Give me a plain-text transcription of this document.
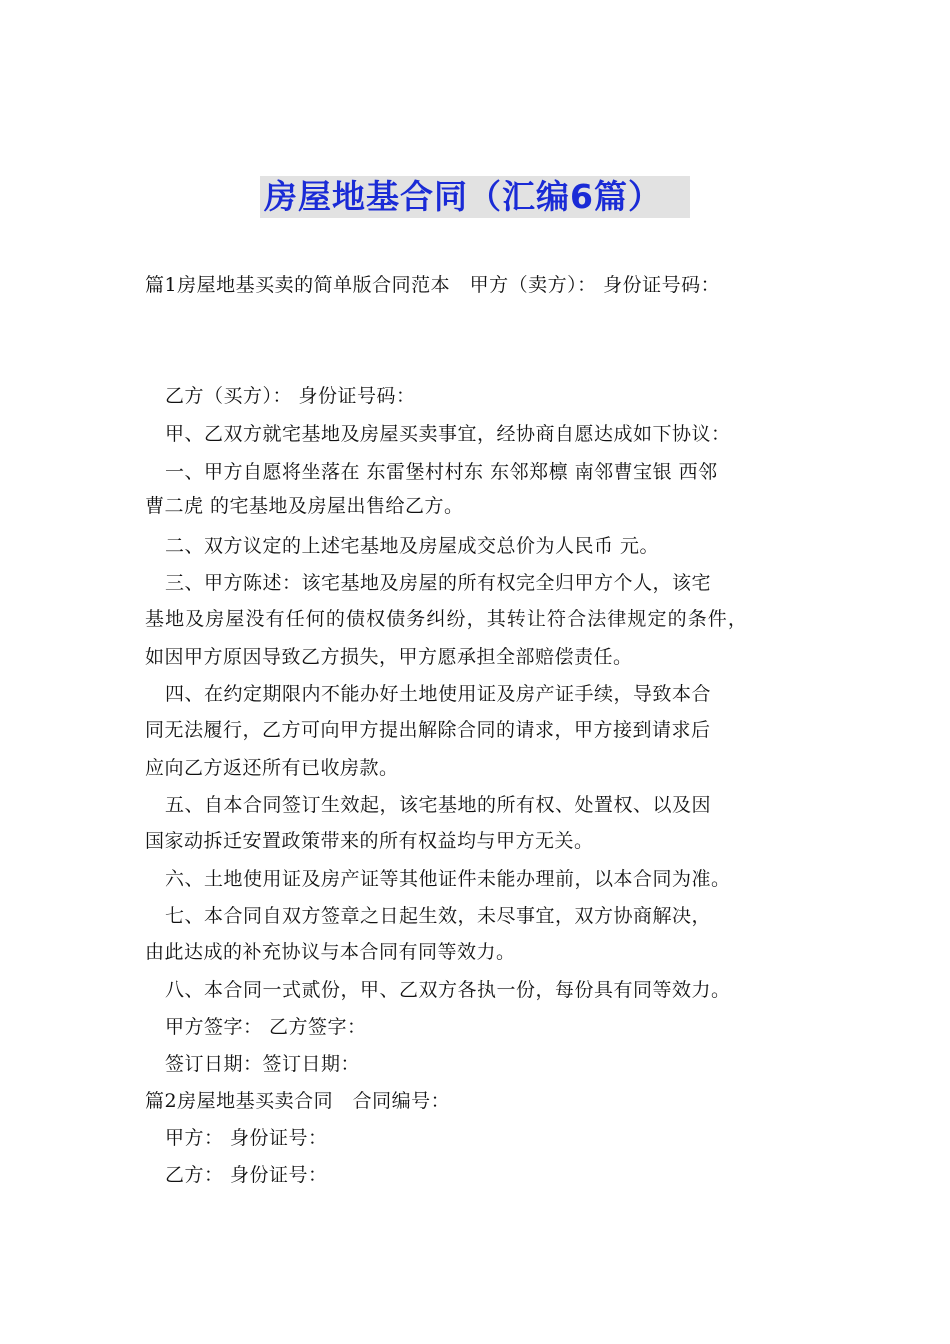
房屋地基合同（汇编6篇）
篇1房屋地基买卖的简单版合同范本　甲方（卖方）： 身份证号码：
乙方（买方）： 身份证号码：
甲、乙双方就宅基地及房屋买卖事宜，经协商自愿达成如下协议：
一、甲方自愿将坐落在 东雷堡村村东 东邻郑檩 南邻曹宝银 西邻
曹二虎 的宅基地及房屋出售给乙方。
二、双方议定的上述宅基地及房屋成交总价为人民币 元。
三、甲方陈述：该宅基地及房屋的所有权完全归甲方个人，该宅
基地及房屋没有任何的债权债务纠纷，其转让符合法律规定的条件，
如因甲方原因导致乙方损失，甲方愿承担全部赔偿责任。
四、在约定期限内不能办好土地使用证及房产证手续，导致本合
同无法履行，乙方可向甲方提出解除合同的请求，甲方接到请求后
应向乙方返还所有已收房款。
五、自本合同签订生效起，该宅基地的所有权、处置权、以及因
国家动拆迁安置政策带来的所有权益均与甲方无关。
六、土地使用证及房产证等其他证件未能办理前，以本合同为准。
七、本合同自双方签章之日起生效，未尽事宜，双方协商解决，
由此达成的补充协议与本合同有同等效力。
八、本合同一式贰份，甲、乙双方各执一份，每份具有同等效力。
甲方签字： 乙方签字：
签订日期：签订日期：
篇2房屋地基买卖合同　合同编号：
甲方： 身份证号：
乙方： 身份证号：
